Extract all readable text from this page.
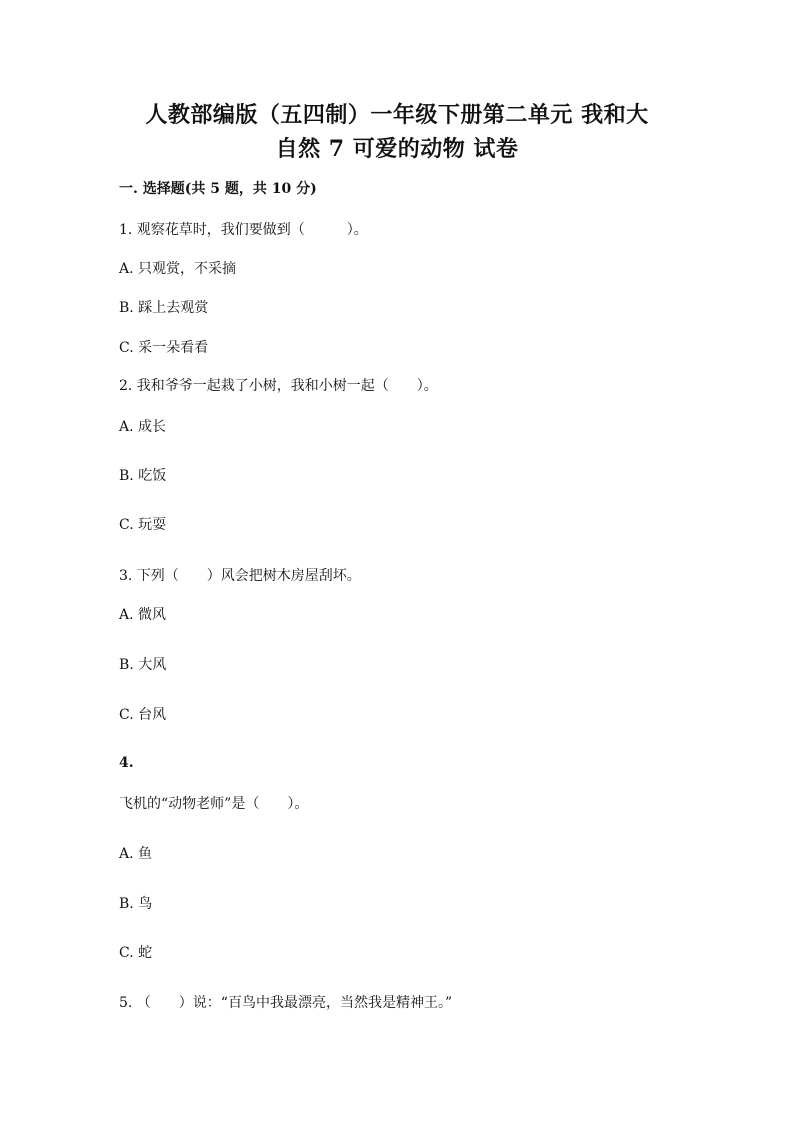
人教部编版（五四制）一年级下册第二单元 我和大
自然 7 可爱的动物 试卷
一. 选择题(共 5 题，共 10 分)
1. 观察花草时，我们要做到（　　　）。
A. 只观赏，不采摘
B. 踩上去观赏
C. 采一朵看看
2. 我和爷爷一起栽了小树，我和小树一起（　　）。
A. 成长
B. 吃饭
C. 玩耍
3. 下列（　　）风会把树木房屋刮坏。
A. 微风
B. 大风
C. 台风
4.
飞机的“动物老师”是（　　）。
A. 鱼
B. 鸟
C. 蛇
5. （　　）说：“百鸟中我最漂亮，当然我是精神王。”
